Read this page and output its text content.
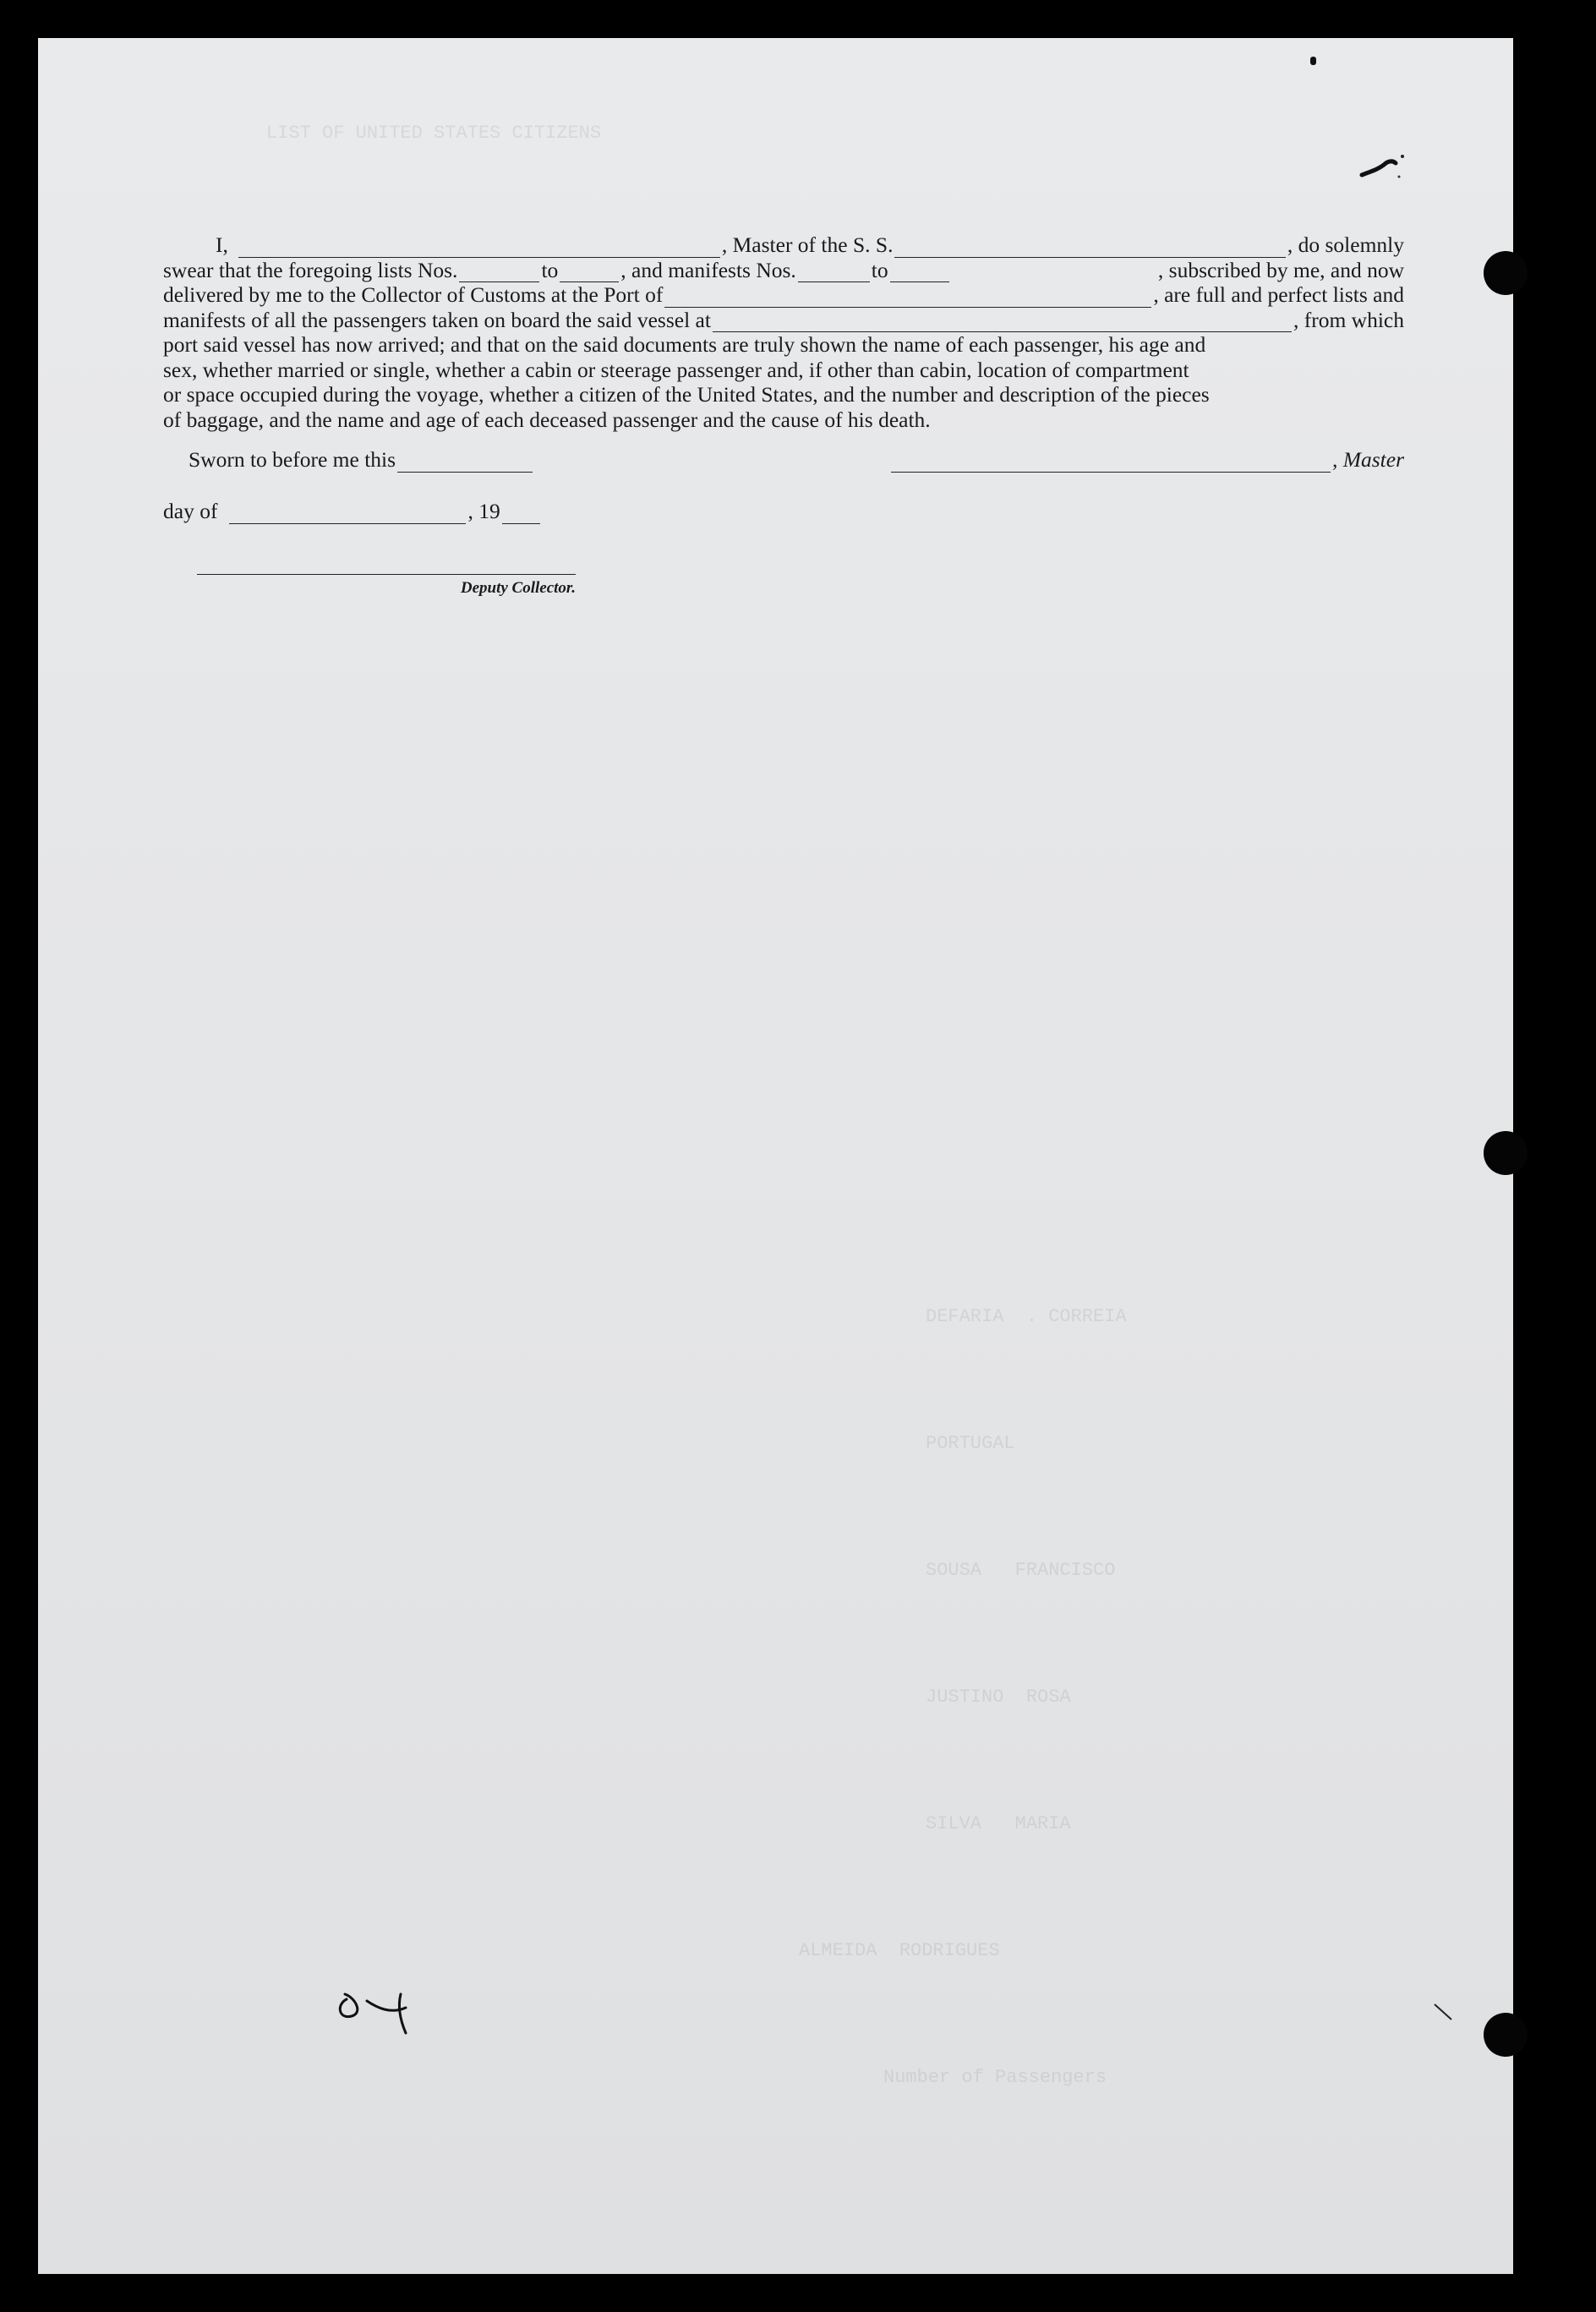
LIST OF UNITED STATES CITIZENS
DEFARIA  . CORREIA
PORTUGAL
SOUSA   FRANCISCO
JUSTINO  ROSA
SILVA   MARIA
ALMEIDA  RODRIGUES
Number of Passengers
I,	, Master of the S. S.	, do solemnly
swear that the foregoing lists Nos.	to	, and manifests Nos.	to	, subscribed by me, and now
delivered by me to the Collector of Customs at the Port of	, are full and perfect lists and
manifests of all the passengers taken on board the said vessel at	, from which
port said vessel has now arrived; and that on the said documents are truly shown the name of each passenger, his age and
sex, whether married or single, whether a cabin or steerage passenger and, if other than cabin, location of compartment
or space occupied during the voyage, whether a citizen of the United States, and the number and description of the pieces
of baggage, and the name and age of each deceased passenger and the cause of his death.
Sworn to before me this	, Master
day of	, 19
Deputy Collector.
